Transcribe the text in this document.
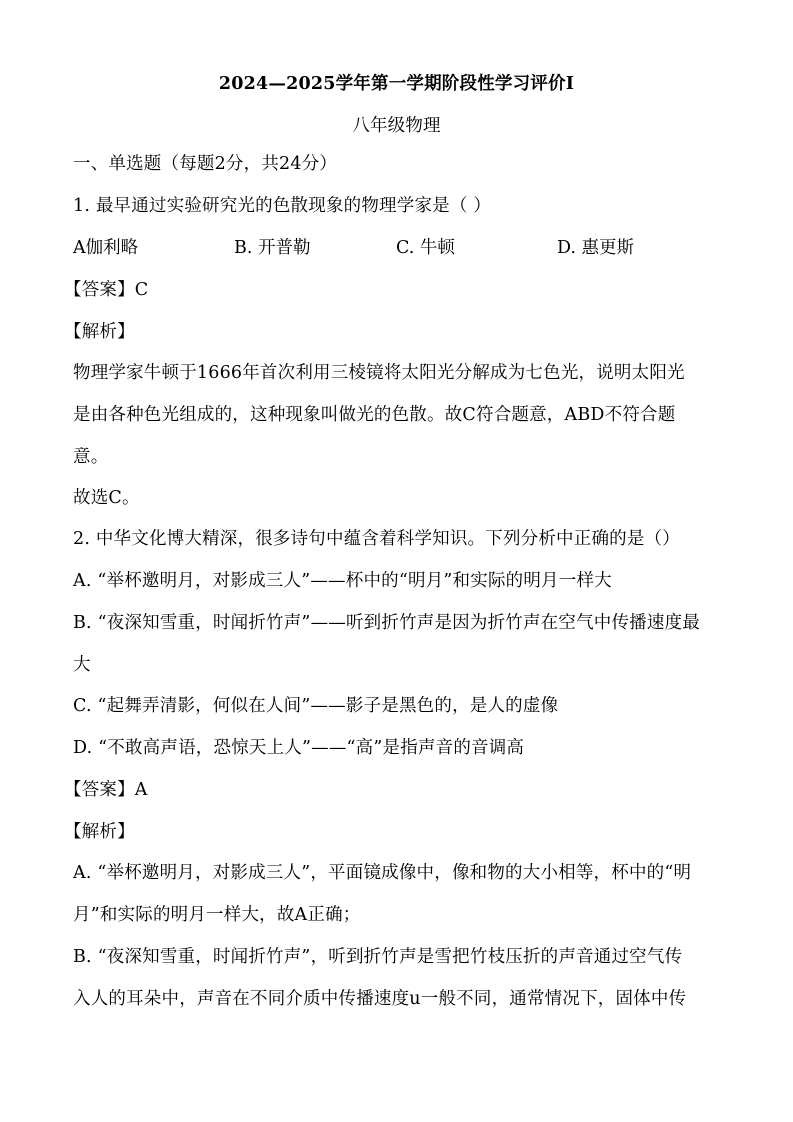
2024—2025学年第一学期阶段性学习评价I
八年级物理
一、单选题（每题2分，共24分）
1. 最早通过实验研究光的色散现象的物理学家是（ ）
A伽利略	B. 开普勒	C. 牛顿	D. 惠更斯
【答案】C
【解析】
物理学家牛顿于1666年首次利用三棱镜将太阳光分解成为七色光，说明太阳光
是由各种色光组成的，这种现象叫做光的色散。故C符合题意，ABD不符合题
意。
故选C。
2. 中华文化博大精深，很多诗句中蕴含着科学知识。下列分析中正确的是（）
A. “举杯邀明月，对影成三人”——杯中的“明月”和实际的明月一样大
B. “夜深知雪重，时闻折竹声”——听到折竹声是因为折竹声在空气中传播速度最
大
C. “起舞弄清影，何似在人间”——影子是黑色的，是人的虚像
D. “不敢高声语，恐惊天上人”——“高”是指声音的音调高
【答案】A
【解析】
A. “举杯邀明月，对影成三人”，平面镜成像中，像和物的大小相等，杯中的“明
月”和实际的明月一样大，故A正确；
B. “夜深知雪重，时闻折竹声”，听到折竹声是雪把竹枝压折的声音通过空气传
入人的耳朵中，声音在不同介质中传播速度u一般不同，通常情况下，固体中传
